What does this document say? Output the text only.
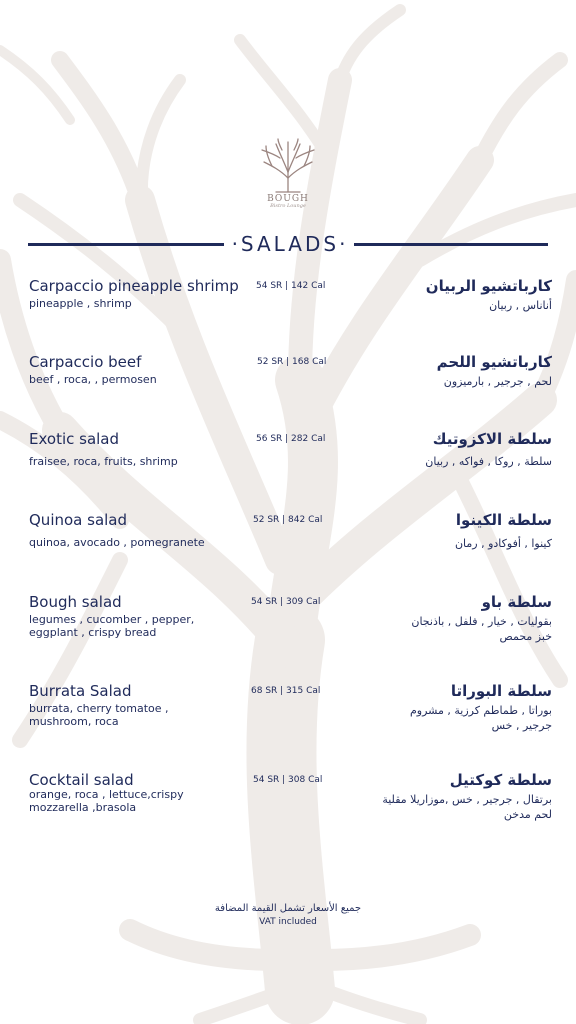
BOUGH
Bistro Lounge
·SALADS·
Carpaccio pineapple shrimp
pineapple , shrimp
54 SR | 142 Cal	كارباتشيو الربيان
أناناس , ربيان
Carpaccio beef
beef , roca, , permosen
52 SR | 168 Cal	كارباتشيو اللحم
لحم , جرجير , بارميزون
Exotic salad
fraisee, roca, fruits, shrimp
56 SR | 282 Cal	سلطة الاكزوتيك
سلطة , روكا , فواكه , ربيان
Quinoa salad
quinoa, avocado , pomegranete
52 SR | 842 Cal	سلطة الكينوا
كينوا , أفوكادو , رمان
Bough salad
legumes , cucomber , pepper,
eggplant , crispy bread
54 SR | 309 Cal	سلطة باو
بقوليات , خيار , فلفل , باذنجان
خبز محمص
Burrata Salad
burrata, cherry tomatoe ,
mushroom, roca
68 SR | 315 Cal	سلطة البوراتا
بوراتا , طماطم كرزية , مشروم
جرجير , خس
Cocktail salad
orange, roca , lettuce,crispy
mozzarella ,brasola
54 SR | 308 Cal	سلطة كوكتيل
برتقال , جرجير , خس ,موزاريلا مقلية
لحم مدخن
جميع الأسعار تشمل القيمة المضافة
VAT included
